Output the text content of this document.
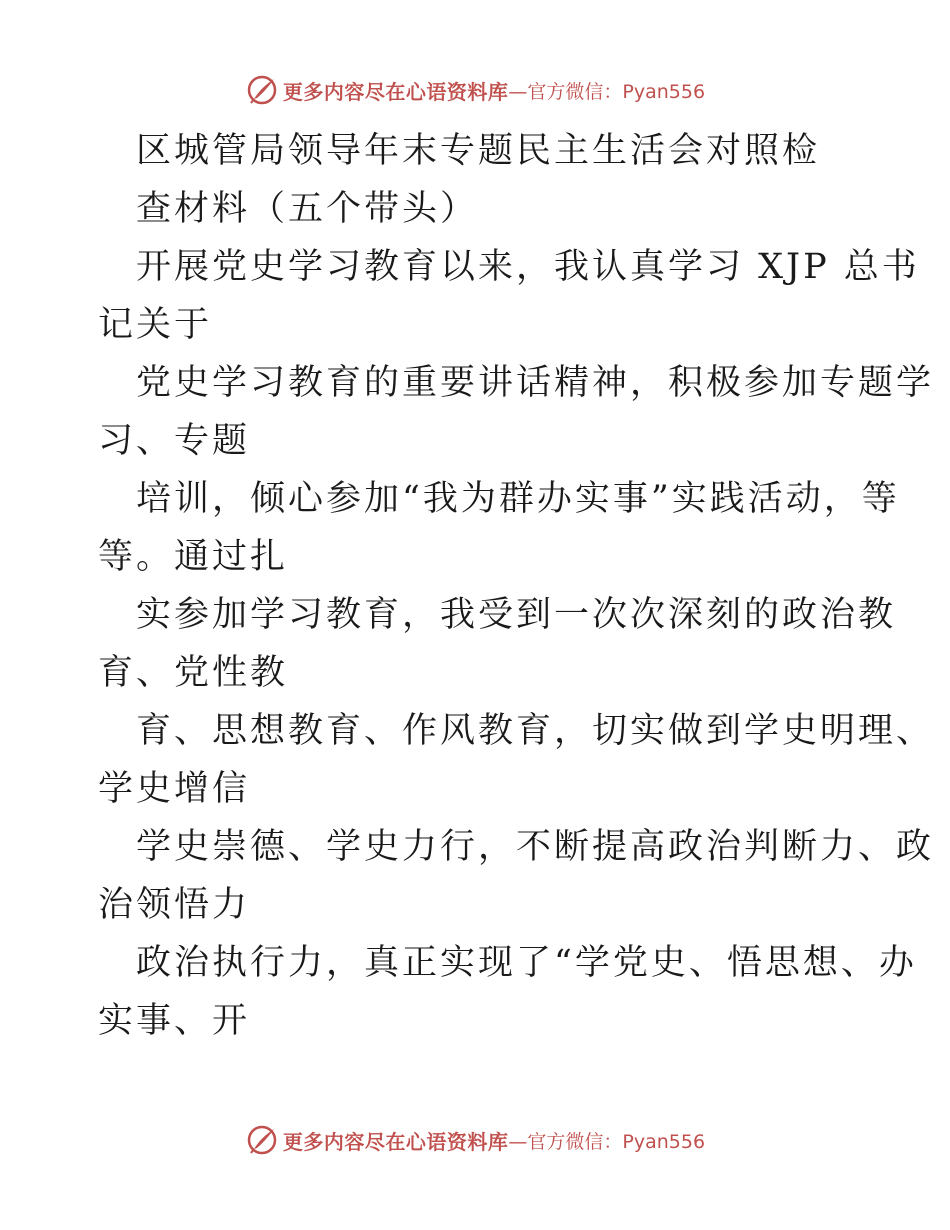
更多内容尽在心语资料库 —官方微信：Pyan556
区城管局领导年末专题民主生活会对照检
查材料（五个带头）
开展党史学习教育以来，我认真学习 XJP 总书
记关于
党史学习教育的重要讲话精神，积极参加专题学
习、专题
培训，倾心参加“我为群办实事”实践活动，等
等。通过扎
实参加学习教育，我受到一次次深刻的政治教
育、党性教
育、思想教育、作风教育，切实做到学史明理、
学史增信
学史崇德、学史力行，不断提高政治判断力、政
治领悟力
政治执行力，真正实现了“学党史、悟思想、办
实事、开
更多内容尽在心语资料库 —官方微信：Pyan556
